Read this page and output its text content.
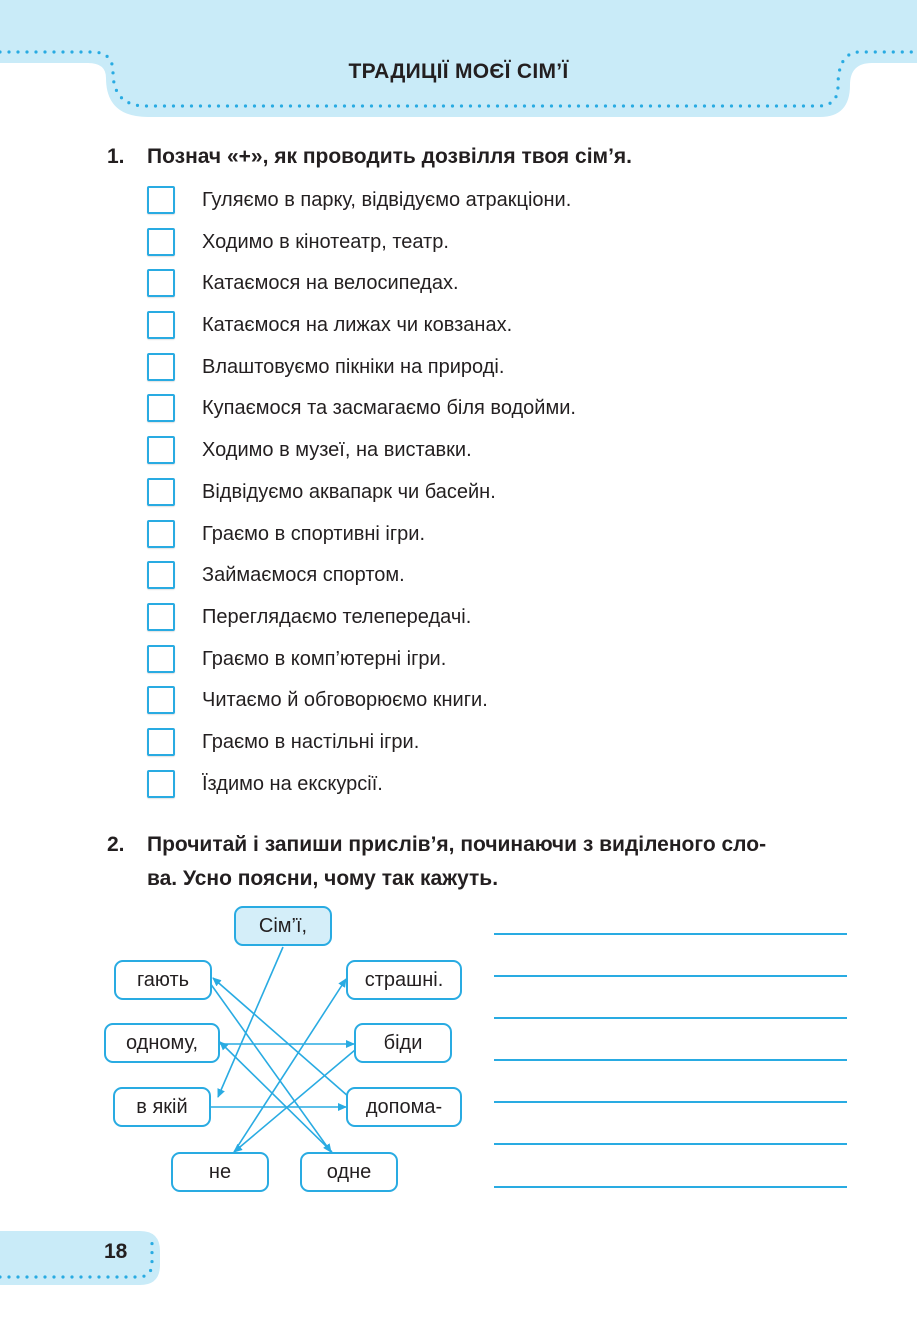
ТРАДИЦІЇ МОЄЇ СІМ’Ї
1. Познач «+», як проводить дозвілля твоя сім’я.
Гуляємо в парку, відвідуємо атракціони.
Ходимо в кінотеатр, театр.
Катаємося на велосипедах.
Катаємося на лижах чи ковзанах.
Влаштовуємо пікніки на природі.
Купаємося та засмагаємо біля водойми.
Ходимо в музеї, на виставки.
Відвідуємо аквапарк чи басейн.
Граємо в спортивні ігри.
Займаємося спортом.
Переглядаємо телепередачі.
Граємо в комп’ютерні ігри.
Читаємо й обговорюємо книги.
Граємо в настільні ігри.
Їздимо на екскурсії.
2. Прочитай і запиши прислів’я, починаючи з виділеного сло-
ва. Усно поясни, чому так кажуть.
Сім’ї,
гають	страшні.
одному,	біди
в якій	допома-
не	одне
18
